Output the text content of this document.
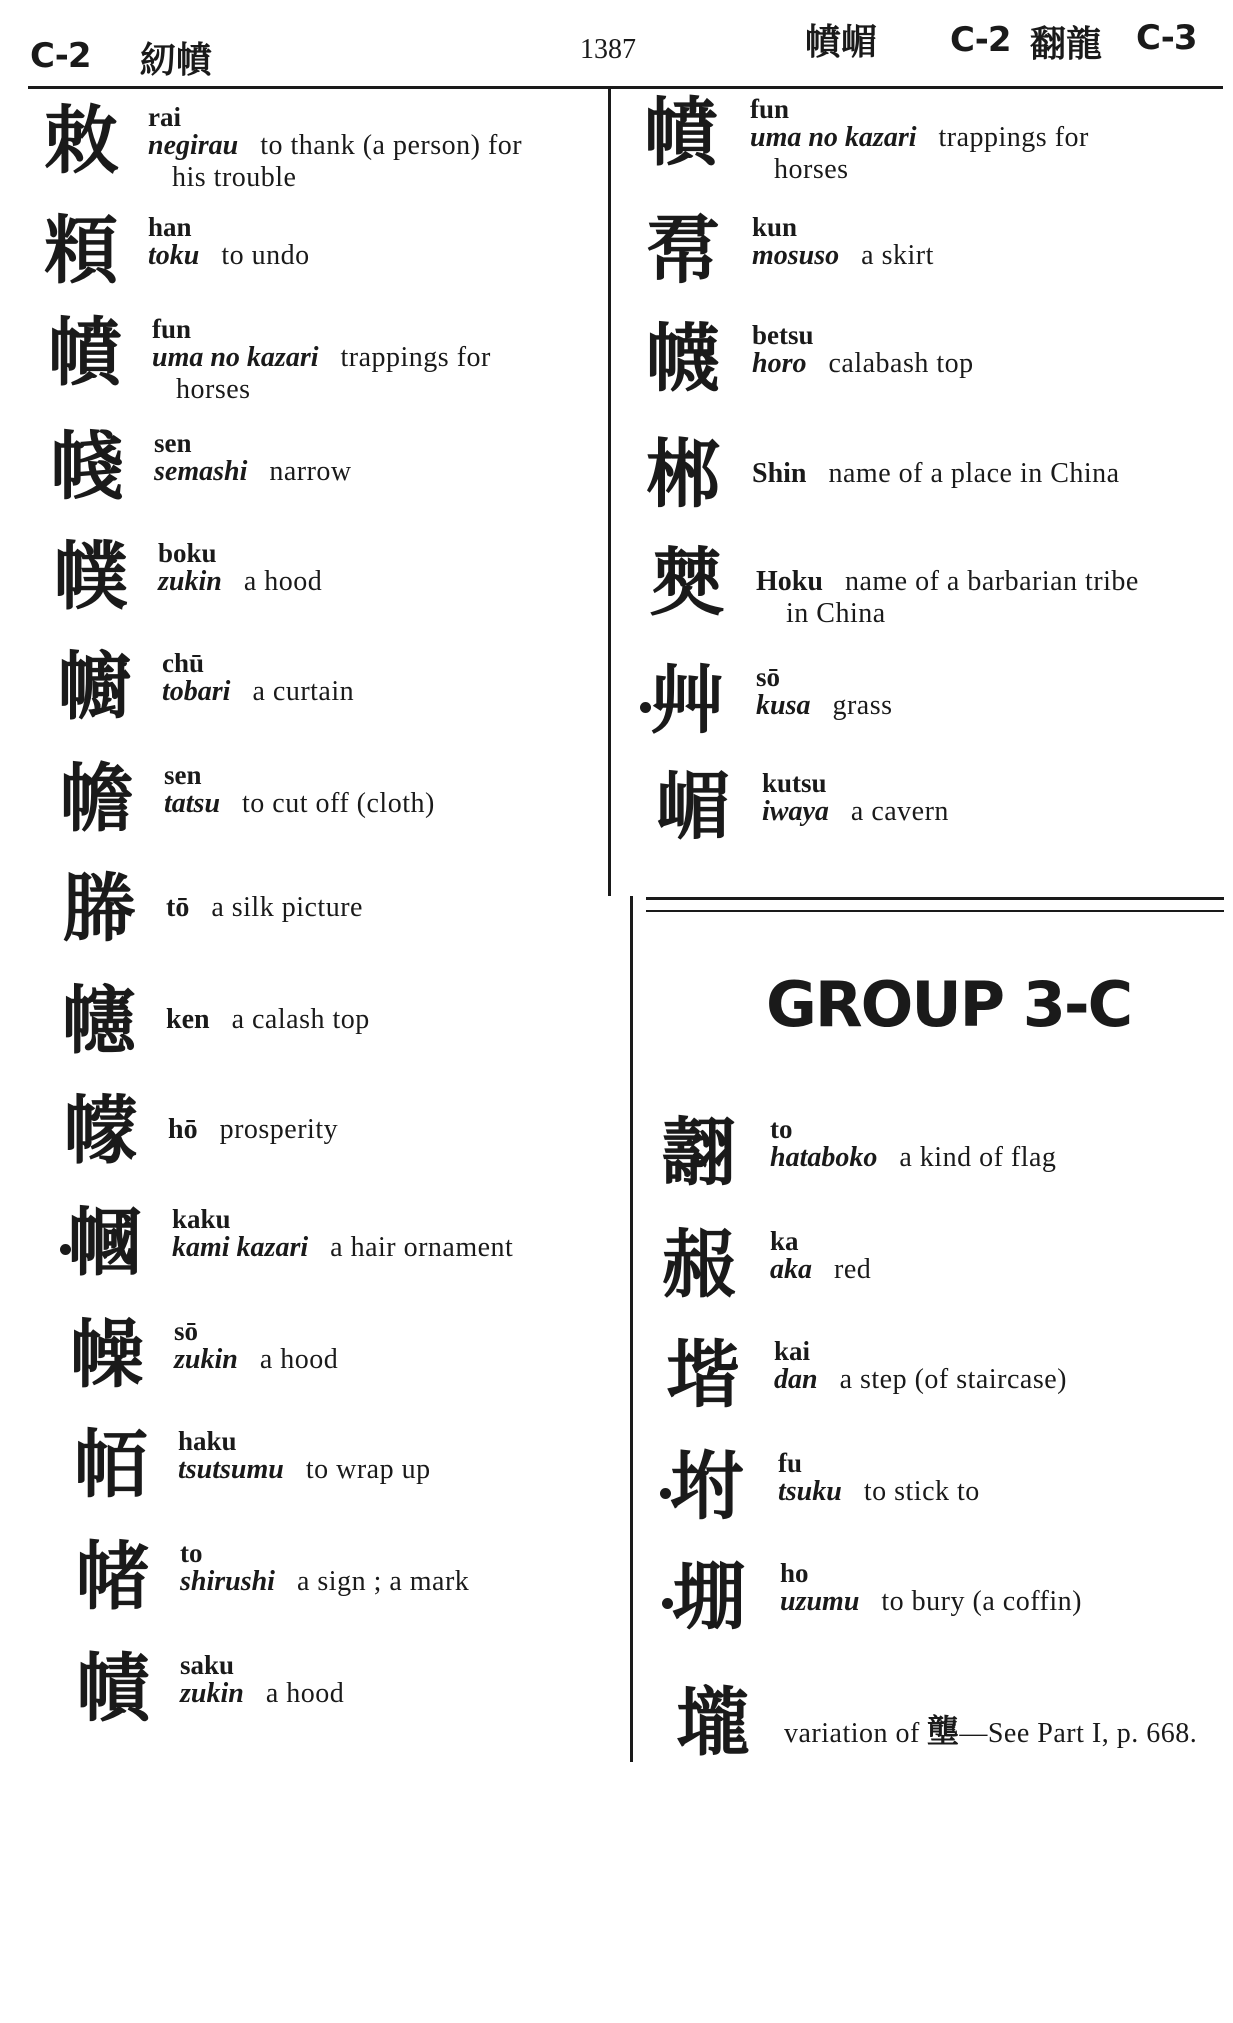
C-2 紉幩	1387	幩嵋 C-2 翻龍 C-3
敇 rai
negirau to thank (a person) for
his trouble
頪 han
toku to undo
幩 fun
uma no kazari trappings for
horses
帴 sen
semashi narrow
幞 boku
zukin a hood
幮 chū
tobari a curtain
幨 sen
tatsu to cut off (cloth)
幐 tō a silk picture
幰 ken a calash top
幪 hō prosperity
幗 kaku
kami kazari a hair ornament
幧 sō
zukin a hood
帞 haku
tsutsumu to wrap up
帾 to
shirushi a sign ; a mark
幘 saku
zukin a hood
幩 fun
uma no kazari trappings for
horses
帬 kun
mosuso a skirt
幭 betsu
horo calabash top
郴 Shin name of a place in China
僰 Hoku name of a barbarian tribe
in China
艸 sō
kusa grass
嵋 kutsu
iwaya a cavern
GROUP 3-C
翿 to
hataboko a kind of flag
赧 ka
aka red
堦 kai
dan a step (of staircase)
坿 fu
tsuku to stick to
堋 ho
uzumu to bury (a coffin)
壠 variation of 壟—See Part I, p. 668.
